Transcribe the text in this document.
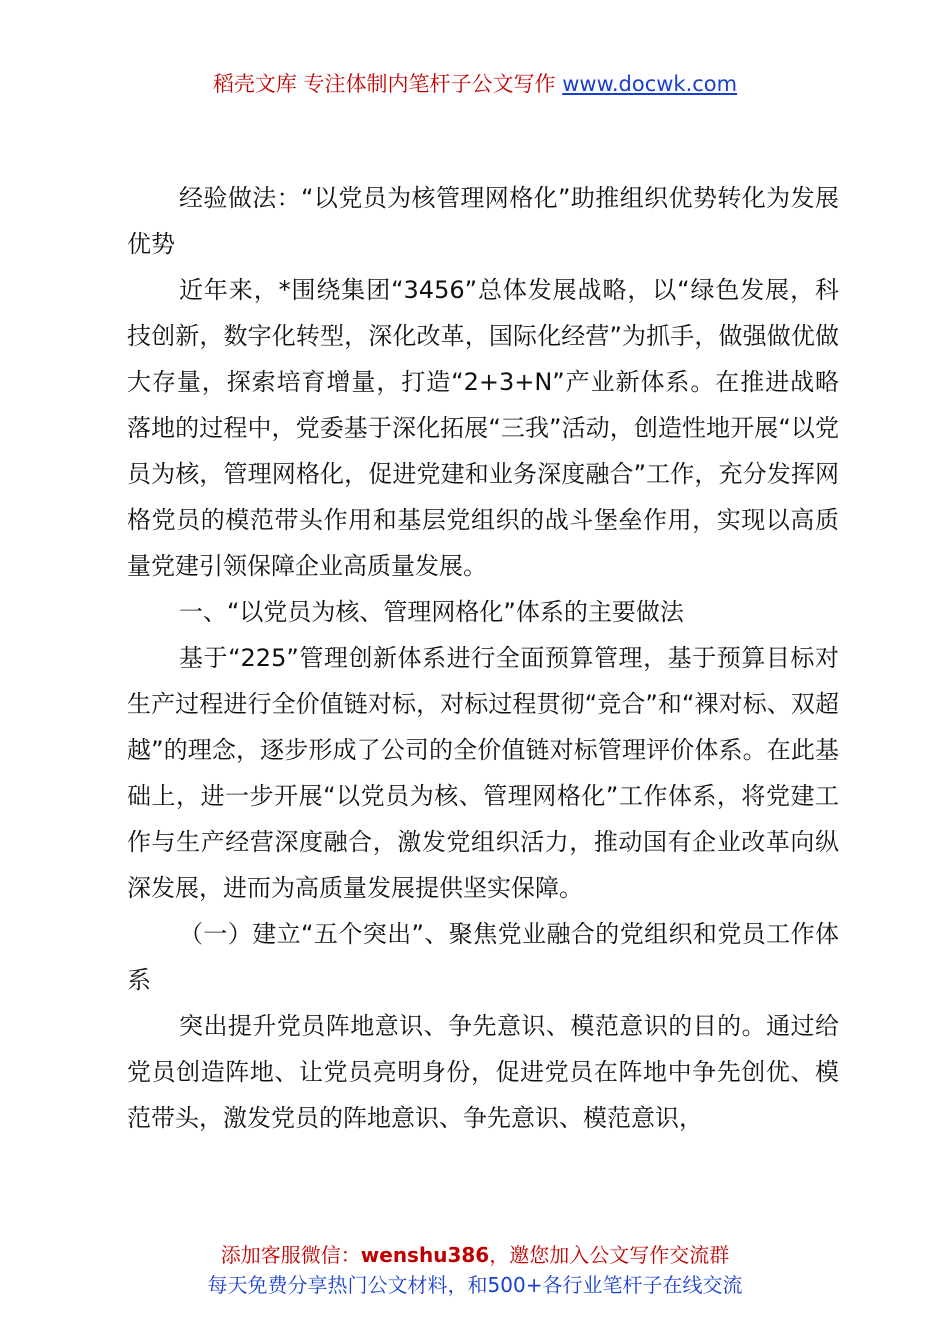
稻壳文库 专注体制内笔杆子公文写作 www.docwk.com

经验做法：“以党员为核管理网格化”助推组织优势转化为发展优势

近年来，*围绕集团“3456”总体发展战略，以“绿色发展，科技创新，数字化转型，深化改革，国际化经营”为抓手，做强做优做大存量，探索培育增量，打造“2+3+N”产业新体系。在推进战略落地的过程中，党委基于深化拓展“三我”活动，创造性地开展“以党员为核，管理网格化，促进党建和业务深度融合”工作，充分发挥网格党员的模范带头作用和基层党组织的战斗堡垒作用，实现以高质量党建引领保障企业高质量发展。

一、“以党员为核、管理网格化”体系的主要做法

基于“225”管理创新体系进行全面预算管理，基于预算目标对生产过程进行全价值链对标，对标过程贯彻“竞合”和“裸对标、双超越”的理念，逐步形成了公司的全价值链对标管理评价体系。在此基础上，进一步开展“以党员为核、管理网格化”工作体系，将党建工作与生产经营深度融合，激发党组织活力，推动国有企业改革向纵深发展，进而为高质量发展提供坚实保障。

（一）建立“五个突出”、聚焦党业融合的党组织和党员工作体系

突出提升党员阵地意识、争先意识、模范意识的目的。通过给党员创造阵地、让党员亮明身份，促进党员在阵地中争先创优、模范带头，激发党员的阵地意识、争先意识、模范意识，

添加客服微信：wenshu386，邀您加入公文写作交流群
每天免费分享热门公文材料，和500+各行业笔杆子在线交流
